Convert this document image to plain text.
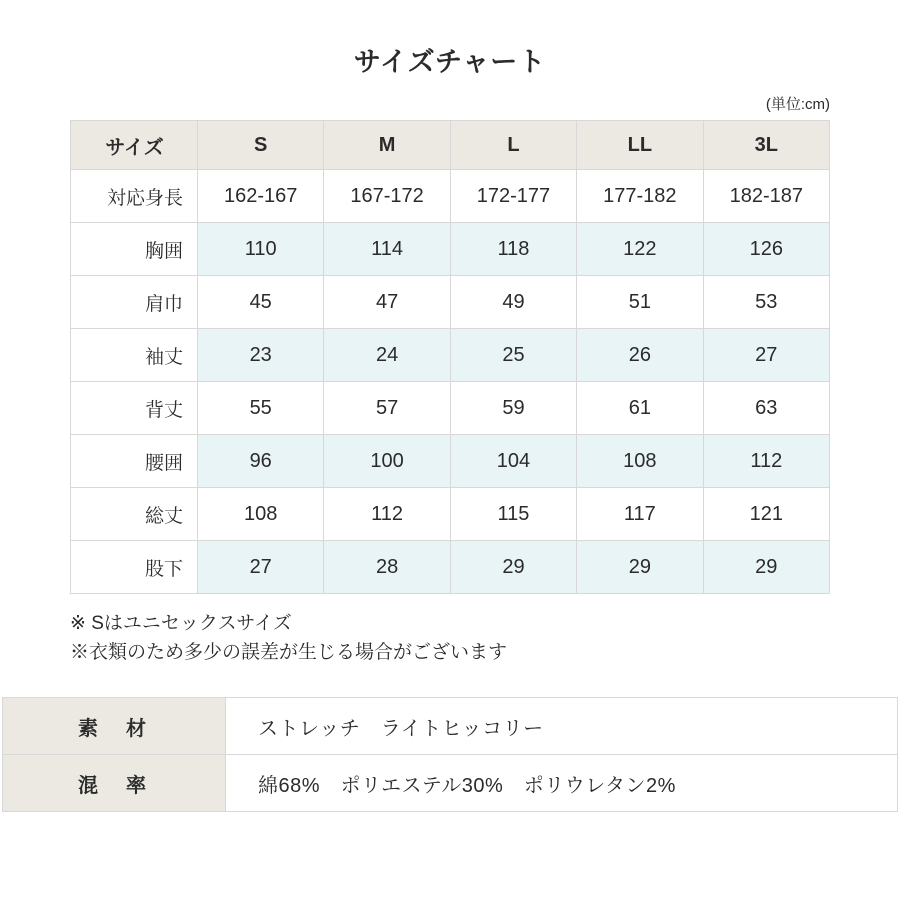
サイズチャート
(単位:cm)
サイズ	S	M	L	LL	3L
対応身長	162-167	167-172	172-177	177-182	182-187
胸囲	110	114	118	122	126
肩巾	45	47	49	51	53
袖丈	23	24	25	26	27
背丈	55	57	59	61	63
腰囲	96	100	104	108	112
総丈	108	112	115	117	121
股下	27	28	29	29	29
※ Sはユニセックスサイズ
※衣類のため多少の誤差が生じる場合がございます
素　材	ストレッチ　ライトヒッコリー
混　率	綿68%　ポリエステル30%　ポリウレタン2%
